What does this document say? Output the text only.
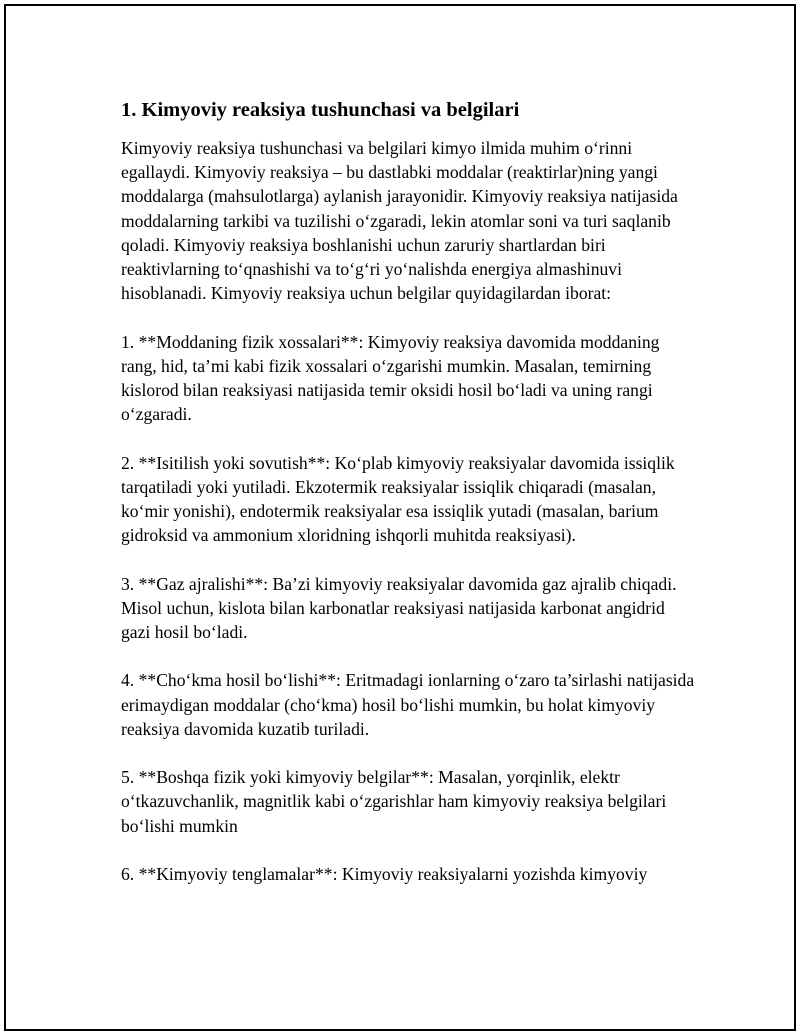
1. Kimyoviy reaksiya tushunchasi va belgilari

Kimyoviy reaksiya tushunchasi va belgilari kimyo ilmida muhim o‘rinni egallaydi. Kimyoviy reaksiya – bu dastlabki moddalar (reaktirlar)ning yangi moddalarga (mahsulotlarga) aylanish jarayonidir. Kimyoviy reaksiya natijasida moddalarning tarkibi va tuzilishi o‘zgaradi, lekin atomlar soni va turi saqlanib qoladi. Kimyoviy reaksiya boshlanishi uchun zaruriy shartlardan biri reaktivlarning to‘qnashishi va to‘g‘ri yo‘nalishda energiya almashinuvi hisoblanadi. Kimyoviy reaksiya uchun belgilar quyidagilardan iborat:

1. **Moddaning fizik xossalari**: Kimyoviy reaksiya davomida moddaning rang, hid, ta’mi kabi fizik xossalari o‘zgarishi mumkin. Masalan, temirning kislorod bilan reaksiyasi natijasida temir oksidi hosil bo‘ladi va uning rangi o‘zgaradi.

2. **Isitilish yoki sovutish**: Ko‘plab kimyoviy reaksiyalar davomida issiqlik tarqatiladi yoki yutiladi. Ekzotermik reaksiyalar issiqlik chiqaradi (masalan, ko‘mir yonishi), endotermik reaksiyalar esa issiqlik yutadi (masalan, barium gidroksid va ammonium xloridning ishqorli muhitda reaksiyasi).

3. **Gaz ajralishi**: Ba’zi kimyoviy reaksiyalar davomida gaz ajralib chiqadi. Misol uchun, kislota bilan karbonatlar reaksiyasi natijasida karbonat angidrid gazi hosil bo‘ladi.

4. **Cho‘kma hosil bo‘lishi**: Eritmadagi ionlarning o‘zaro ta’sirlashi natijasida erimaydigan moddalar (cho‘kma) hosil bo‘lishi mumkin, bu holat kimyoviy reaksiya davomida kuzatib turiladi.

5. **Boshqa fizik yoki kimyoviy belgilar**: Masalan, yorqinlik, elektr o‘tkazuvchanlik, magnitlik kabi o‘zgarishlar ham kimyoviy reaksiya belgilari bo‘lishi mumkin

6. **Kimyoviy tenglamalar**: Kimyoviy reaksiyalarni yozishda kimyoviy
